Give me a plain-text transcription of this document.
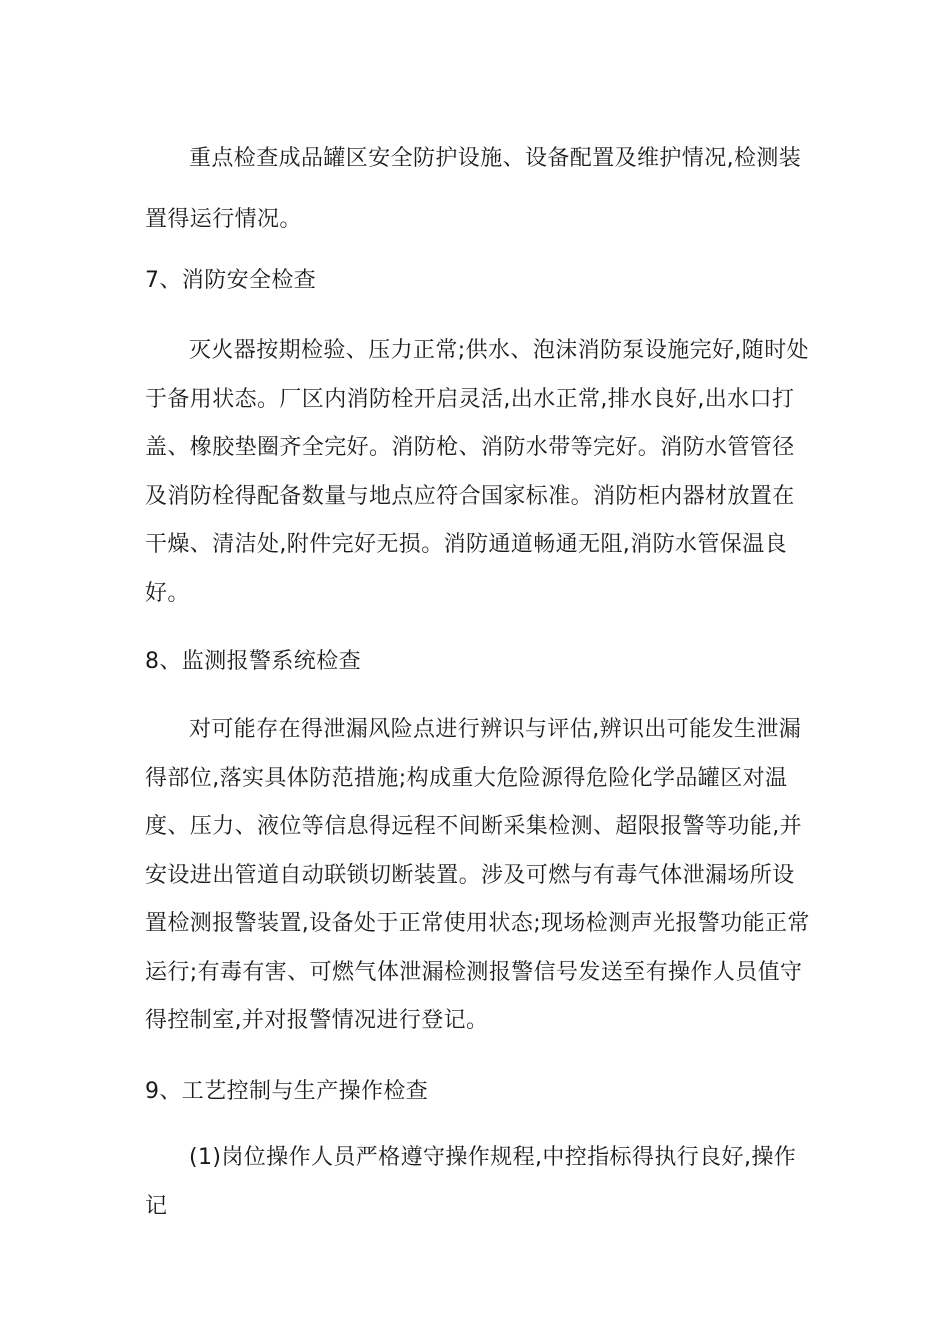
重点检查成品罐区安全防护设施、设备配置及维护情况,检测装置得运行情况。

7、消防安全检查

灭火器按期检验、压力正常;供水、泡沫消防泵设施完好,随时处于备用状态。厂区内消防栓开启灵活,出水正常,排水良好,出水口打盖、橡胶垫圈齐全完好。消防枪、消防水带等完好。消防水管管径及消防栓得配备数量与地点应符合国家标准。消防柜内器材放置在干燥、清洁处,附件完好无损。消防通道畅通无阻,消防水管保温良好。

8、监测报警系统检查

对可能存在得泄漏风险点进行辨识与评估,辨识出可能发生泄漏得部位,落实具体防范措施;构成重大危险源得危险化学品罐区对温度、压力、液位等信息得远程不间断采集检测、超限报警等功能,并安设进出管道自动联锁切断装置。涉及可燃与有毒气体泄漏场所设置检测报警装置,设备处于正常使用状态;现场检测声光报警功能正常运行;有毒有害、可燃气体泄漏检测报警信号发送至有操作人员值守得控制室,并对报警情况进行登记。

9、工艺控制与生产操作检查

(1)岗位操作人员严格遵守操作规程,中控指标得执行良好,操作记
